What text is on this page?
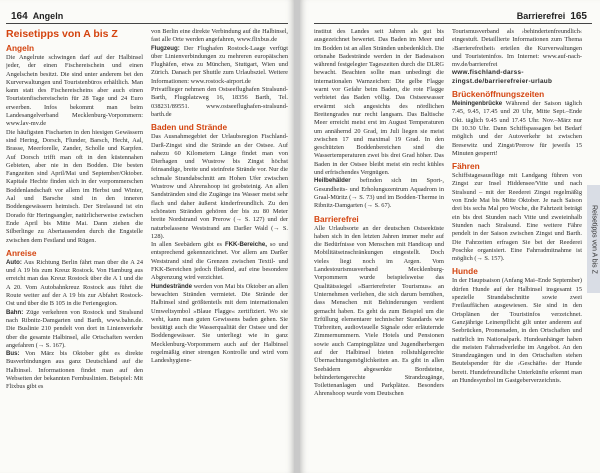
164 Angeln
Reisetipps von A bis Z
Angeln

Die Angelrute schwingen darf auf der Halbinsel jeder, der einen Fischereischein und einen Angelschein besitzt. Die sind unter anderem bei den Kurverwaltungen und Touristenbüros erhältlich. Man kann statt des Fischereischeins aber auch einen Touristenfischereischein für 28 Tage und 24 Euro erwerben. Infos bekommt man beim Landesangelverband Mecklenburg-Vorpommern: www.lav-mv.de

Die häufigsten Fischarten in den hiesigen Gewässern sind Hering, Dorsch, Flunder, Barsch, Hecht, Aal, Brasse, Meerforelle, Zander, Scholle und Karpfen. Auf Dorsch trifft man oft in den küstennahen Gebieten, aber nie in den Bodden. Die besten Fangzeiten sind April/Mai und September/Oktober. Kapitale Hechte finden sich in der vorpommerschen Boddenlandschaft vor allem im Herbst und Winter, Aal und Barsche sind in den inneren Boddengewässern heimisch. Der Strelasund ist ein Dorado für Heringsangler, natürlicherweise zwischen Ende April bis Mitte Mai. Dann ziehen die Silberlinge zu Abertausenden durch die Engstelle zwischen dem Festland und Rügen.

Anreise

Auto: Aus Richtung Berlin fährt man über die A 24 und A 19 bis zum Kreuz Rostock. Von Hamburg aus erreicht man das Kreuz Rostock über die A 1 und die A 20. Vom Autobahnkreuz Rostock aus führt die Route weiter auf der A 19 bis zur Abfahrt Rostock-Ost und über die B 105 in die Feriengegion.

Bahn: Züge verkehren von Rostock und Stralsund nach Ribnitz-Damgarten und Barth, www.bahn.de. Die Buslinie 210 pendelt von dort in Linienverkehr über die gesamte Halbinsel, alle Ortschaften werden angefahren (→ S. 167).

Bus: Von März bis Oktober gibt es direkte Busverbindungen aus ganz Deutschland auf die Halbinsel. Informationen findet man auf den Webseiten der bekannten Fernbuslinien. Beispiel: Mit Flixbus gibt es

von Berlin eine direkte Verbindung auf die Halbinsel, fast alle Orte werden angefahren, www.flixbus.de

Flugzeug: Der Flughafen Rostock-Laage verfügt über Linienverbindungen zu mehreren europäischen Flughäfen, etwa zu München, Stuttgart, Wien und Zürich. Danach per Shuttle zum Urlaubsziel. Weitere Informationen: www.rostock-airport.de

Privatflieger nehmen den Ostseeflughafen Stralsund-Barth, Flugplatzweg 16, 18356 Barth, Tel. 038231/89551. www.ostseeflughafen-stralsund-barth.de

Baden und Strände

Das Ausnahmegebiet der Urlaubsregion Fischland-Darß-Zingst sind die Strände an der Ostsee. Auf nahezu 60 Kilometern Länge findet man von Dierhagen und Wustrow bis Zingst höchst feinsandige, breite und steinfreie Strände vor. Nur die schmale Strandabschnitt am Hohen Ufer zwischen Wustrow und Ahrenshoop ist grobsteinig. An allen Sandstränden sind die Zugänge ins Wasser meist sehr flach und daher äußerst kinderfreundlich. Zu den schönsten Stränden gehören der bis zu 80 Meter breite Nordstrand von Prerow (→ S. 127) und der naturbelassene Weststrand am Darßer Wald (→ S. 128).

In allen Seebädern gibt es FKK-Bereiche, so und entsprechend gekennzeichnet. Vor allem am Darßer Weststrand sind die Grenzen zwischen Textil- und FKK-Bereichen jedoch fließend, auf eine besondere Abgrenzung wird verzichtet.

Hundestrände werden von Mai bis Oktober an allen bewachten Stränden vermietet. Die Strände der Halbinsel sind größtenteils mit dem internationalen Umweltsymbol »Blaue Flagge« zertifiziert. Wo sie weht, kann man guten Gewissens baden gehen. Sie bestätigt auch die Wasserqualität der Ostsee und der Boddengewässer. Sie unterliegt wie in ganz Mecklenburg-Vorpommern auch auf der Halbinsel regelmäßig einer strengen Kontrolle und wird vom Landeshygiene-

Barrierefrei 165

institut des Landes seit Jahren als gut bis ausgezeichnet bewertet. Das Baden im Meer und im Bodden ist an allen Stränden unbedenklich. Die ortsnahe Badestrände werden in der Badesaison während festgelegter Tageszeiten durch die DLRG bewacht. Beachten sollte man unbedingt die internationalen Warnzeichen: Die gelbe Flagge warnt vor Gefahr beim Baden, die rote Flagge verbietet das Baden völlig. Das Ostseewasser erwärmt sich angesichts des nördlichen Breitengrades nur recht langsam. Das Baltische Meer erreicht meist erst im August Temperaturen um annähernd 20 Grad, im Juli liegen sie meist zwischen 17 und maximal 19 Grad. In den geschützten Boddenbereichen sind die Wassertemperaturen zwei bis drei Grad höher. Das Baden in der Ostsee bleibt meist ein recht kühles und erfrischendes Vergnügen.

Heilbehälder befinden sich im Sport-, Gesundheits- und Erholungszentrum Aquadrom in Graal-Müritz (→ S. 73) und im Bodden-Therme in Ribnitz-Damgarten (→ S. 67).

Barrierefrei

Alle Urlaubsorte an der deutschen Ostseeküste haben sich in den letzten Jahren immer mehr auf die Bedürfnisse von Menschen mit Handicap und Mobilitätseinschränkungen eingestellt. Doch vieles liegt noch im Argen. Vom Landestourismusverband Mecklenburg-Vorpommern wurde beispielsweise das Qualitätssiegel »Barrierefreier Tourismus« an Unternehmen verliehen, die sich darum bemühen, dass Menschen mit Behinderungen verdient gemacht haben. Es geht da zum Beispiel um die Erfüllung elementarer technischer Standards wie Türbreiten, audiovisuelle Signale oder erläuternde Zimmernummern. Viele Hotels und Pensionen sowie auch Campingplätze und Jugendherbergen auf der Halbinsel bieten rollstuhlgerechte Übernachtungsmöglichkeiten an. Es gibt in allen Seebädern abgesenkte Bordsteine, behindertengerechte Strandzugänge, Toilettenanlagen und Parkplätze. Besonders Ahrenshoop wurde vom Deutschen

Tourismusverband als ›behindertenfreundlich‹ eingestuft. Detaillierte Informationen zum Thema ›Barrierefreiheit‹ erteilen die Kurverwaltungen und Touristeninfos. Im Internet: www.auf-nach-mv.de/barrierefrei

www.fischland-darss-zingst.de/barrierefreier-urlaub

Brückenöffnungszeiten

Meiningenbrücke Während der Saison täglich 7.45, 9.45, 17.45 und 20 Uhr, Mitte Sept.–Ende Okt. täglich 9.45 und 17.45 Uhr. Nov.–März nur Di 10.30 Uhr. Dann Schiffspassagen bei Bedarf möglich und der Autoverkehr ist zwischen Bresewitz und Zingst/Prerow für jeweils 15 Minuten gesperrt!

Fähren

Schiffstagesausflüge mit Landgang führen von Zingst zur Insel Hiddensee/Vitte und nach Stralsund – mit der Reederei Zingst regelmäßig von Ende Mai bis Mitte Oktober. Je nach Saison drei bis sechs Mal pro Woche, die Fahrtzeit beträgt ein bis drei Stunden nach Vitte und zweieinhalb Stunden nach Stralsund. Eine weitere Fähre pendelt in der Saison zwischen Zingst und Barth. Die Fahrzeiten erfragen Sie bei der Reederei Poschke organisiert. Eine Fahrradmitnahme ist möglich (→ S. 157).

Hunde

In der Hauptsaison (Anfang Mai–Ende September) dürfen Hunde auf der Halbinsel insgesamt 15 spezielle Strandabschnitte sowie zwei Freilauffächen ausgewiesen. Sie sind in den Ortsplänen der Touristinfos verzeichnet. Ganzjährige Leinenpflicht gilt unter anderem auf Seebrücken, Promenaden, in den Ortschaften und natürlich im Nationalpark. Hundeanhänger haben die meisten Fahrradverleihe im Angebot. An den Strandzugängen und in den Ortschaften stehen Beutelspender für die ›Geschäfte‹ der Hunde bereit. Hundefreundliche Unterkünfte erkennt man an Hundesymbol im Gastgeberverzeichnis.

Reisetipps von A bis Z
